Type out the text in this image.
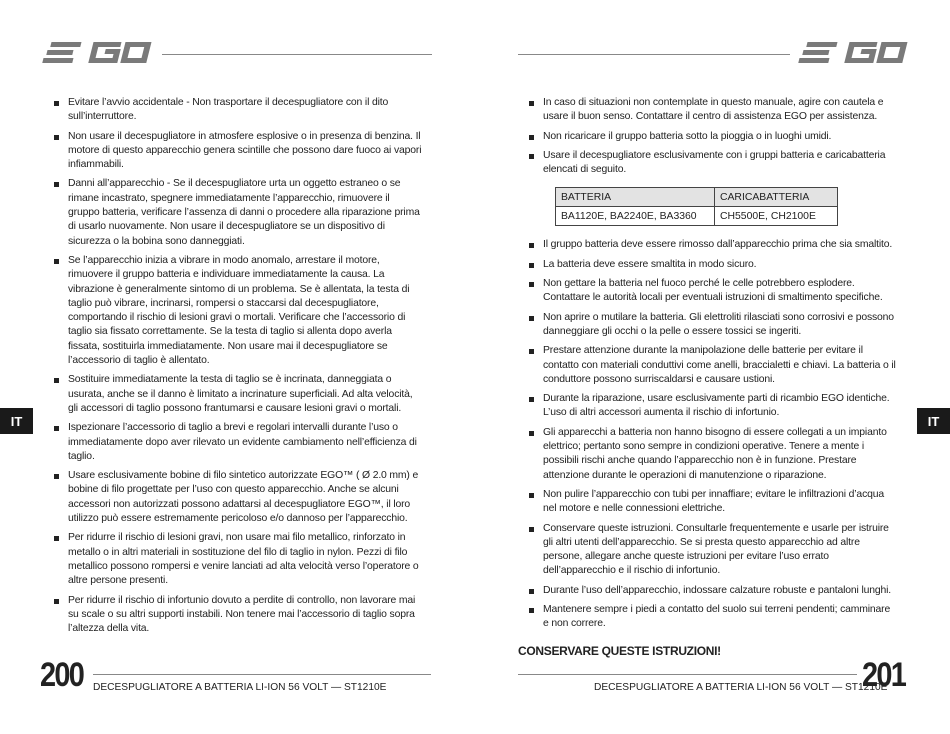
IT	IT
Evitare l’avvio accidentale - Non trasportare il decespugliatore con il dito sull’interruttore.
Non usare il decespugliatore in atmosfere esplosive o in presenza di benzina. Il motore di questo apparecchio genera scintille che possono dare fuoco ai vapori infiammabili.
Danni all’apparecchio - Se il decespugliatore urta un oggetto estraneo o se rimane incastrato, spegnere immediatamente l’apparecchio, rimuovere il gruppo batteria, verificare l’assenza di danni o procedere alla riparazione prima di usarlo nuovamente. Non usare il decespugliatore se un dispositivo di sicurezza o la bobina sono danneggiati.
Se l’apparecchio inizia a vibrare in modo anomalo, arrestare il motore, rimuovere il gruppo batteria e individuare immediatamente la causa. La vibrazione è generalmente sintomo di un problema. Se è allentata, la testa di taglio può vibrare, incrinarsi, rompersi o staccarsi dal decespugliatore, comportando il rischio di lesioni gravi o mortali. Verificare che l’accessorio di taglio sia fissato correttamente. Se la testa di taglio si allenta dopo averla fissata, sostituirla immediatamente. Non usare mai il decespugliatore se l’accessorio di taglio è allentato.
Sostituire immediatamente la testa di taglio se è incrinata, danneggiata o usurata, anche se il danno è limitato a incrinature superficiali. Ad alta velocità, gli accessori di taglio possono frantumarsi e causare lesioni gravi o mortali.
Ispezionare l’accessorio di taglio a brevi e regolari intervalli durante l’uso o immediatamente dopo aver rilevato un evidente cambiamento nell’efficienza di taglio.
Usare esclusivamente bobine di filo sintetico autorizzate EGO™ ( Ø 2.0 mm) e bobine di filo progettate per l’uso con questo apparecchio. Anche se alcuni accessori non autorizzati possono adattarsi al decespugliatore EGO™, il loro utilizzo può essere estremamente pericoloso e/o dannoso per l’apparecchio.
Per ridurre il rischio di lesioni gravi, non usare mai filo metallico, rinforzato in metallo o in altri materiali in sostituzione del filo di taglio in nylon. Pezzi di filo metallico possono rompersi e venire lanciati ad alta velocità verso l’operatore o altre persone presenti.
Per ridurre il rischio di infortunio dovuto a perdite di controllo, non lavorare mai su scale o su altri supporti instabili. Non tenere mai l’accessorio di taglio sopra l’altezza della vita.
In caso di situazioni non contemplate in questo manuale, agire con cautela e usare il buon senso. Contattare il centro di assistenza EGO per assistenza.
Non ricaricare il gruppo batteria sotto la pioggia o in luoghi umidi.
Usare il decespugliatore esclusivamente con i gruppi batteria e caricabatteria elencati di seguito.
BATTERIA	CARICABATTERIA
BA1120E, BA2240E, BA3360	CH5500E, CH2100E
Il gruppo batteria deve essere rimosso dall’apparecchio prima che sia smaltito.
La batteria deve essere smaltita in modo sicuro.
Non gettare la batteria nel fuoco perché le celle potrebbero esplodere. Contattare le autorità locali per eventuali istruzioni di smaltimento specifiche.
Non aprire o mutilare la batteria. Gli elettroliti rilasciati sono corrosivi e possono danneggiare gli occhi o la pelle o essere tossici se ingeriti.
Prestare attenzione durante la manipolazione delle batterie per evitare il contatto con materiali conduttivi come anelli, braccialetti e chiavi. La batteria o il conduttore possono surriscaldarsi e causare ustioni.
Durante la riparazione, usare esclusivamente parti di ricambio EGO identiche. L’uso di altri accessori aumenta il rischio di infortunio.
Gli apparecchi a batteria non hanno bisogno di essere collegati a un impianto elettrico; pertanto sono sempre in condizioni operative. Tenere a mente i possibili rischi anche quando l’apparecchio non è in funzione. Prestare attenzione durante le operazioni di manutenzione o riparazione.
Non pulire l’apparecchio con tubi per innaffiare; evitare le infiltrazioni d’acqua nel motore e nelle connessioni elettriche.
Conservare queste istruzioni. Consultarle frequentemente e usarle per istruire gli altri utenti dell’apparecchio. Se si presta questo apparecchio ad altre persone, allegare anche queste istruzioni per evitare l’uso errato dell’apparecchio e il rischio di infortunio.
Durante l’uso dell’apparecchio, indossare calzature robuste e pantaloni lunghi.
Mantenere sempre i piedi a contatto del suolo sui terreni pendenti; camminare e non correre.
CONSERVARE QUESTE ISTRUZIONI!
200 DECESPUGLIATORE A BATTERIA LI-ION 56 VOLT — ST1210E	DECESPUGLIATORE A BATTERIA LI-ION 56 VOLT — ST1210E
201
